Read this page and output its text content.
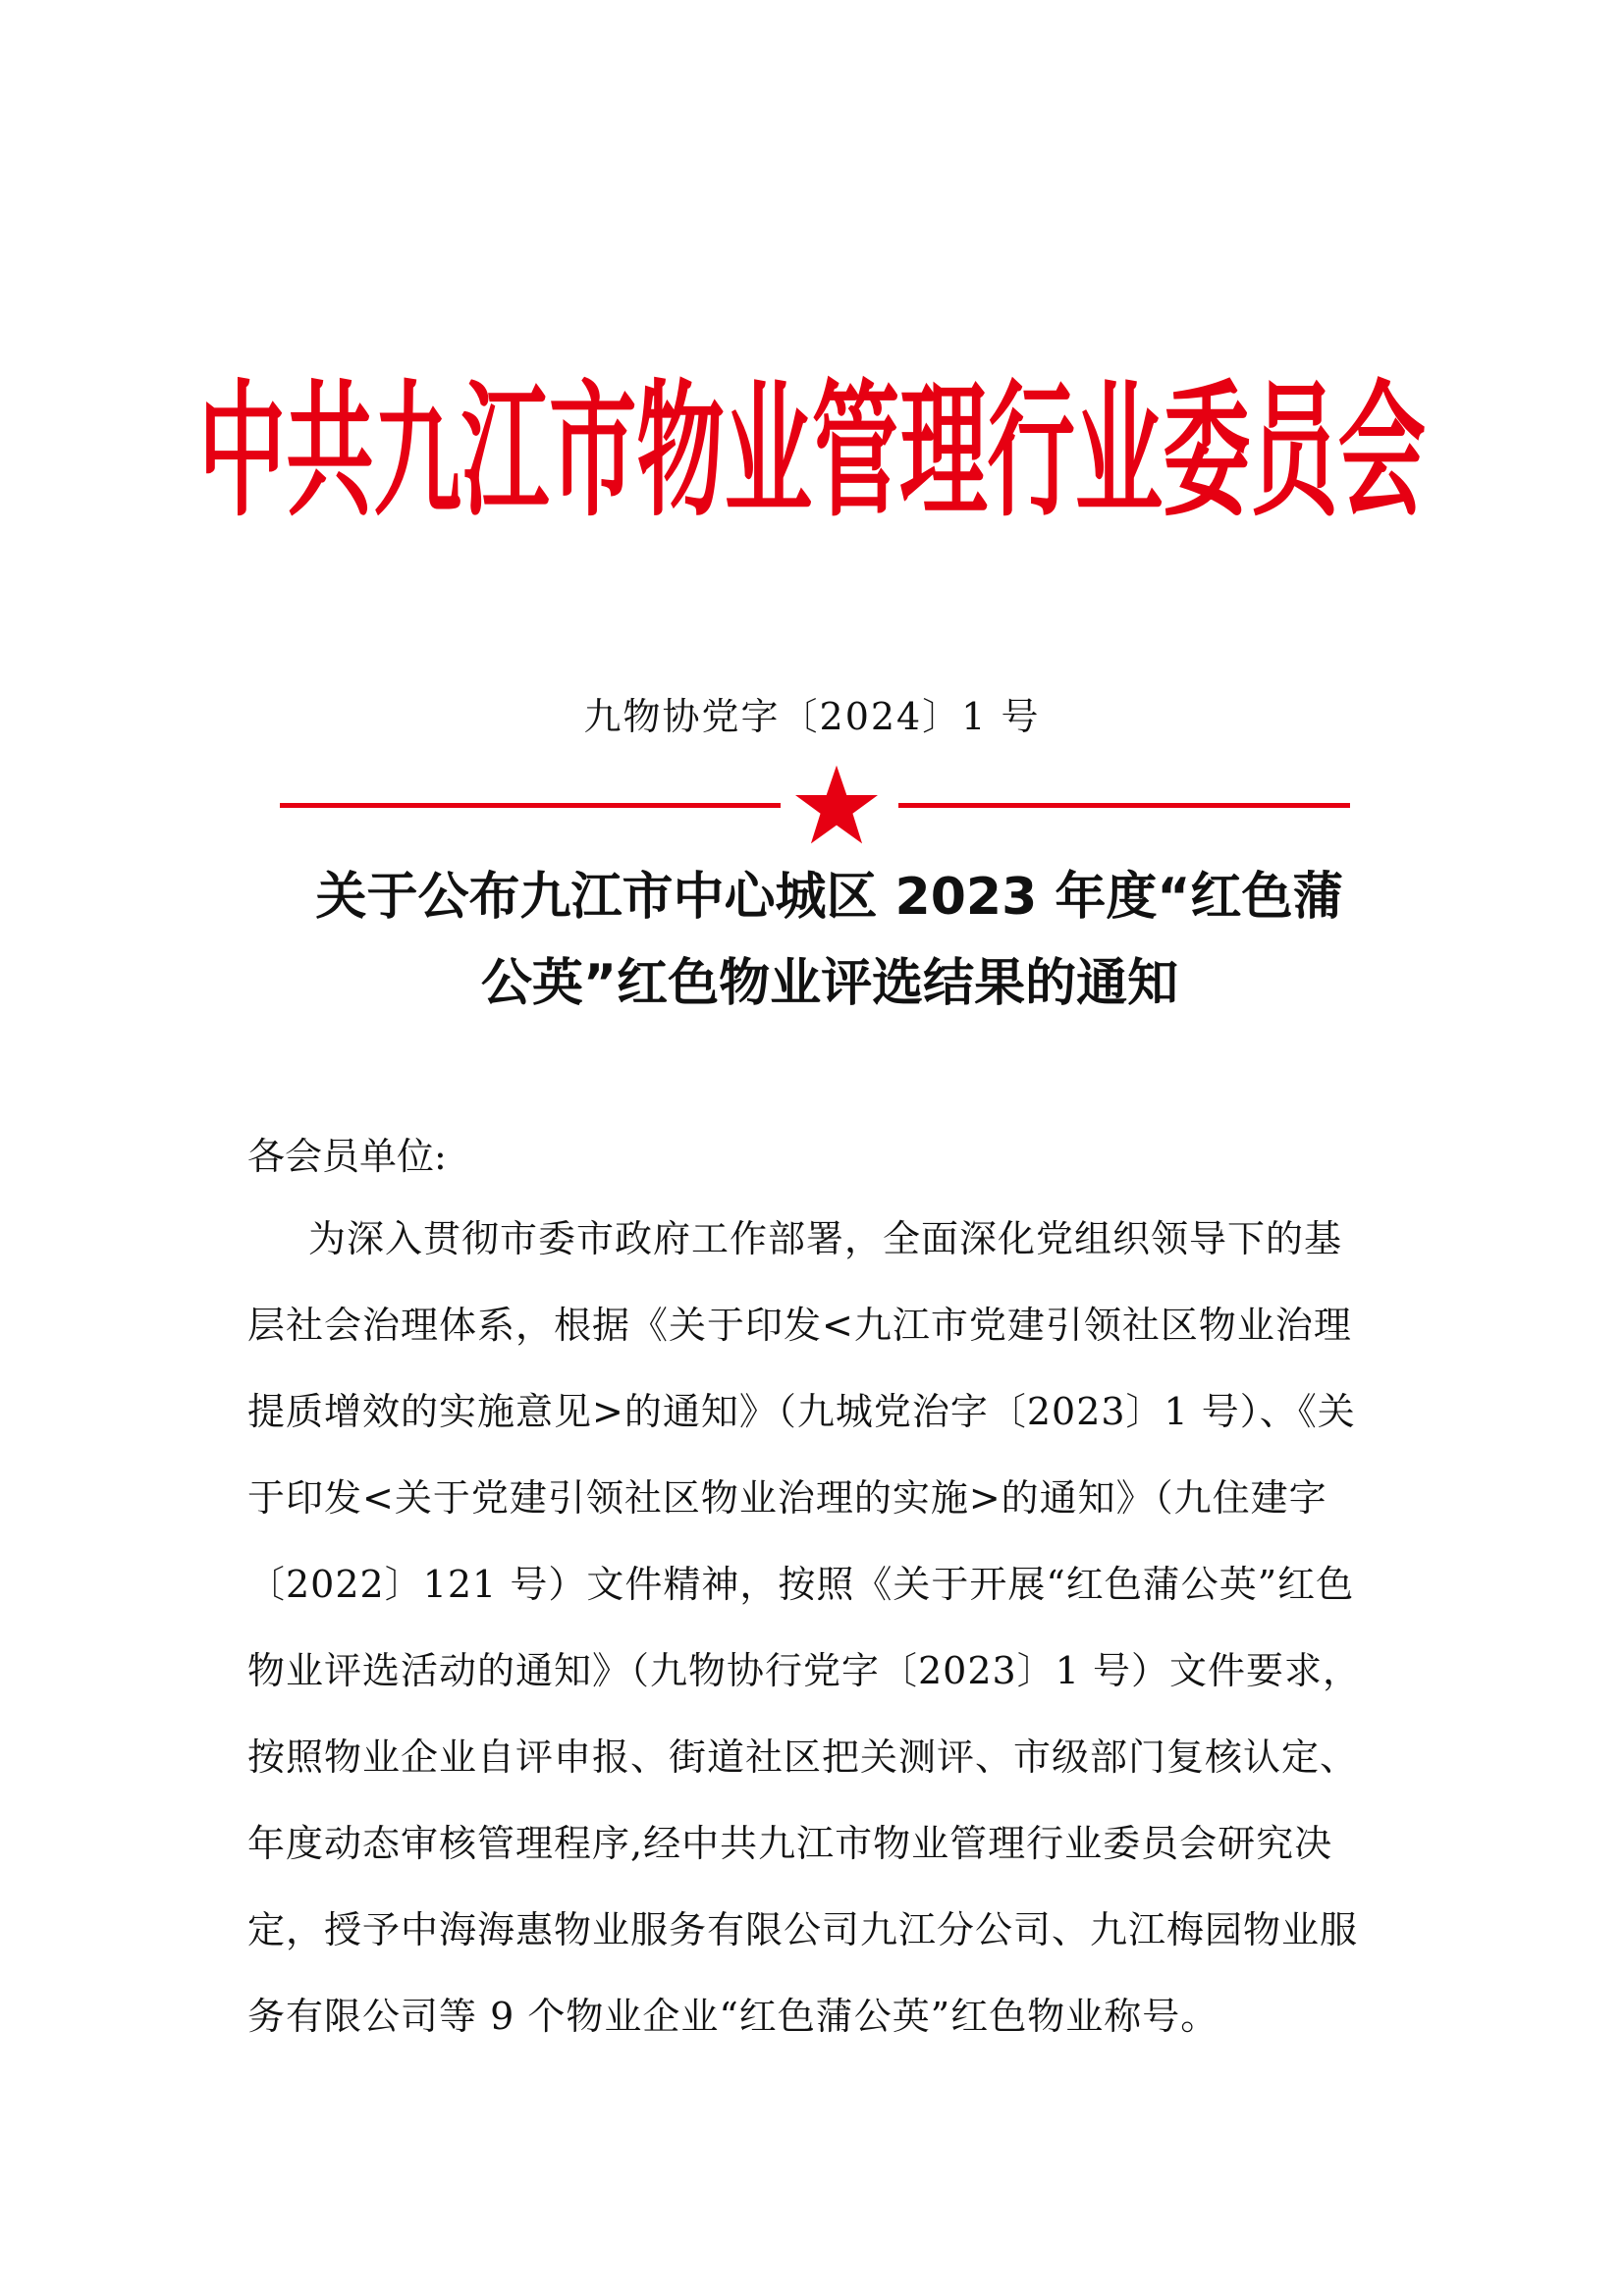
中共九江市物业管理行业委员会
九物协党字〔2024〕1 号
关于公布九江市中心城区 2023 年度“红色蒲
公英”红色物业评选结果的通知
各会员单位:
为深入贯彻市委市政府工作部署，全面深化党组织领导下的基
层社会治理体系，根据《关于印发<九江市党建引领社区物业治理
提质增效的实施意见>的通知》（九城党治字〔2023〕1 号）、《关
于印发<关于党建引领社区物业治理的实施>的通知》（九住建字
〔2022〕121 号）文件精神，按照《关于开展“红色蒲公英”红色
物业评选活动的通知》（九物协行党字〔2023〕1 号）文件要求，
按照物业企业自评申报、街道社区把关测评、市级部门复核认定、
年度动态审核管理程序,经中共九江市物业管理行业委员会研究决
定，授予中海海惠物业服务有限公司九江分公司、九江梅园物业服
务有限公司等 9 个物业企业“红色蒲公英”红色物业称号。
